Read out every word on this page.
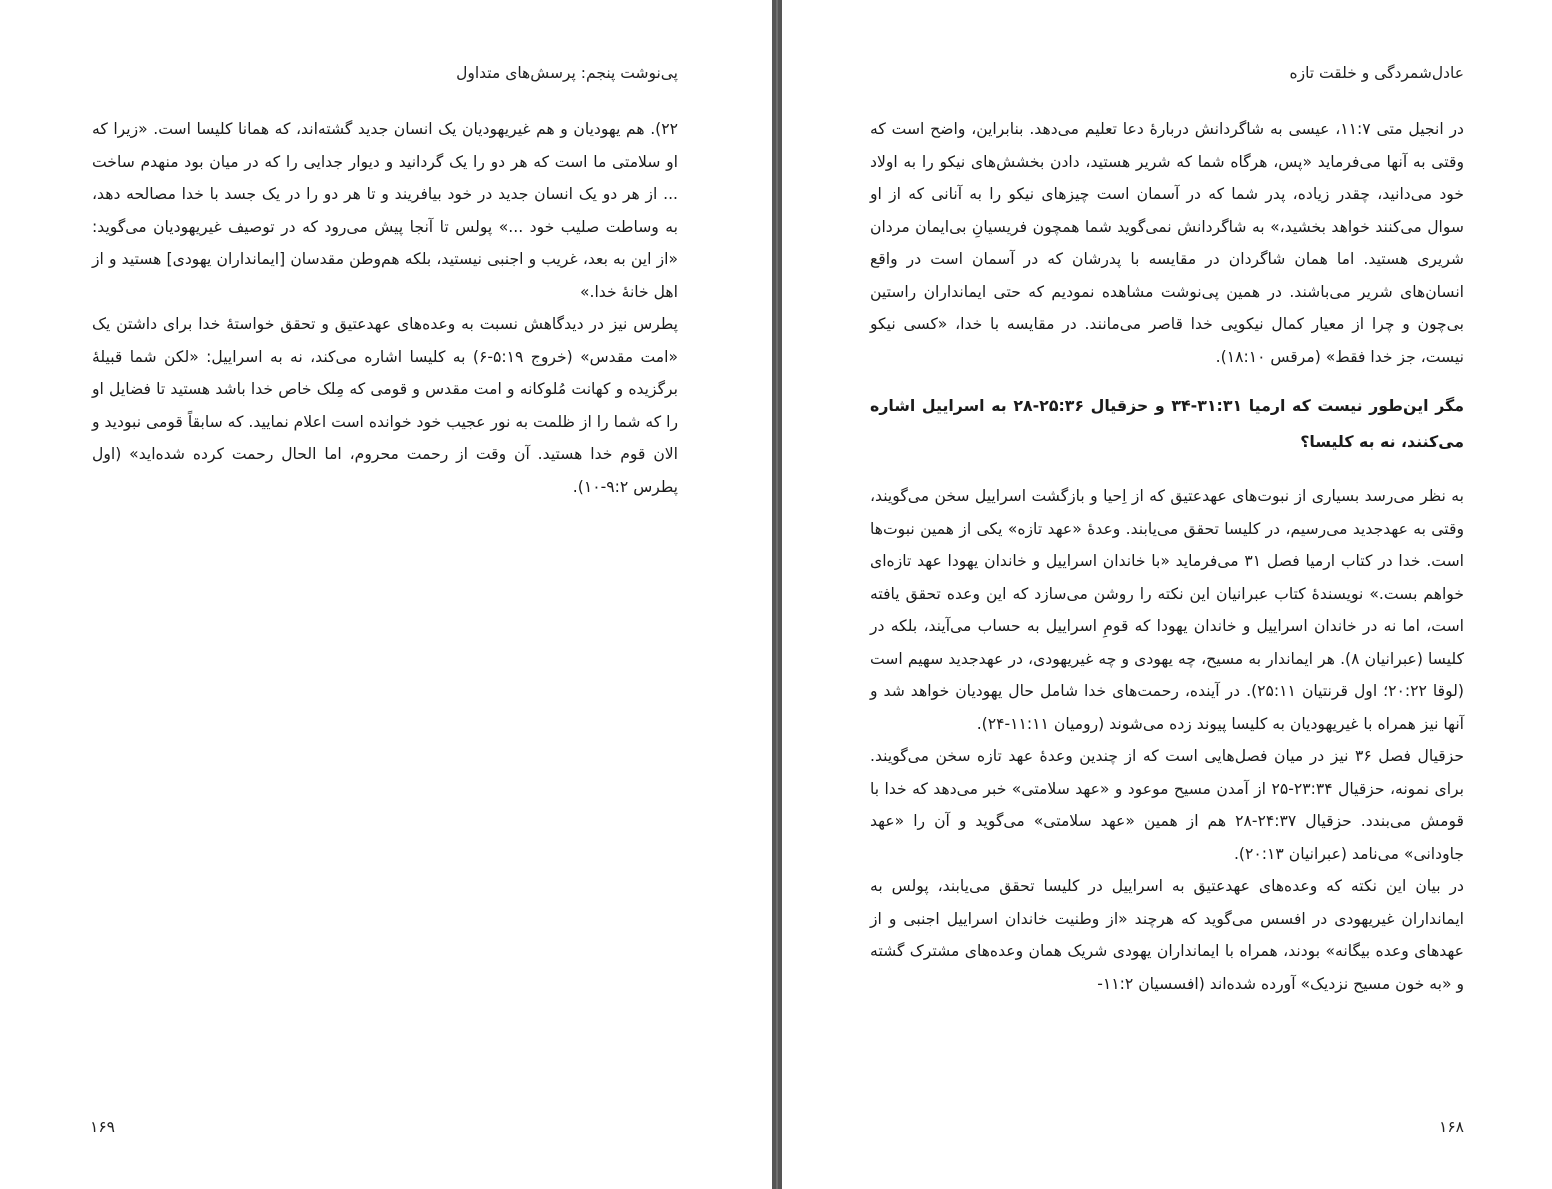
پی‌نوشت پنجم: پرسش‌های متداول

۲۲). هم یهودیان و هم غیریهودیان یک انسان جدید گشته‌اند، که همانا کلیسا است. «زیرا که او سلامتی ما است که هر دو را یک گردانید و دیوار جدایی را که در میان بود منهدم ساخت ... از هر دو یک انسان جدید در خود بیافریند و تا هر دو را در یک جسد با خدا مصالحه دهد، به وساطت صلیب خود ...» پولس تا آنجا پیش می‌رود که در توصیف غیریهودیان می‌گوید: «از این به بعد، غریب و اجنبی نیستید، بلکه هم‌وطن مقدسان [ایمانداران یهودی] هستید و از اهل خانهٔ خدا.»

پطرس نیز در دیدگاهش نسبت به وعده‌های عهدعتیق و تحقق خواستهٔ خدا برای داشتن یک «امت مقدس» (خروج ۵:۱۹-۶) به کلیسا اشاره می‌کند، نه به اسراییل: «لکن شما قبیلهٔ برگزیده و کهانت مُلوکانه و امت مقدس و قومی که مِلک خاص خدا باشد هستید تا فضایل او را که شما را از ظلمت به نور عجیب خود خوانده است اعلام نمایید. که سابقاً قومی نبودید و الان قوم خدا هستید. آن وقت از رحمت محروم، اما الحال رحمت کرده شده‌اید» (اول پطرس ۹:۲-۱۰).

۱۶۹
عادل‌شمردگی و خلقت تازه

در انجیل متی ۱۱:۷، عیسی به شاگردانش دربارهٔ دعا تعلیم می‌دهد. بنابراین، واضح است که وقتی به آنها می‌فرماید «پس، هرگاه شما که شریر هستید، دادن بخشش‌های نیکو را به اولاد خود می‌دانید، چقدر زیاده، پدر شما که در آسمان است چیزهای نیکو را به آنانی که از او سوال می‌کنند خواهد بخشید،» به شاگردانش نمی‌گوید شما همچون فریسیانِ بی‌ایمان مردان شریری هستید. اما همان شاگردان در مقایسه با پدرشان که در آسمان است در واقع انسان‌های شریر می‌باشند. در همین پی‌نوشت مشاهده نمودیم که حتی ایمانداران راستین بی‌چون و چرا از معیار کمال نیکویی خدا قاصر می‌مانند. در مقایسه با خدا، «کسی نیکو نیست، جز خدا فقط» (مرقس ۱۸:۱۰).

مگر این‌طور نیست که ارمیا ۳۱:۳۱-۳۴ و حزقیال ۲۵:۳۶-۲۸ به اسراییل اشاره می‌کنند، نه به کلیسا؟

به نظر می‌رسد بسیاری از نبوت‌های عهدعتیق که از اِحیا و بازگشت اسراییل سخن می‌گویند، وقتی به عهدجدید می‌رسیم، در کلیسا تحقق می‌یابند. وعدهٔ «عهد تازه» یکی از همین نبوت‌ها است. خدا در کتاب ارمیا فصل ۳۱ می‌فرماید «با خاندان اسراییل و خاندان یهودا عهد تازه‌ای خواهم بست.» نویسندهٔ کتاب عبرانیان این نکته را روشن می‌سازد که این وعده تحقق یافته است، اما نه در خاندان اسراییل و خاندان یهودا که قومِ اسراییل به حساب می‌آیند، بلکه در کلیسا (عبرانیان ۸). هر ایماندار به مسیح، چه یهودی و چه غیریهودی، در عهدجدید سهیم است (لوقا ۲۰:۲۲؛ اول قرنتیان ۲۵:۱۱). در آینده، رحمت‌های خدا شامل حال یهودیان خواهد شد و آنها نیز همراه با غیریهودیان به کلیسا پیوند زده می‌شوند (رومیان ۱۱:۱۱-۲۴).

حزقیال فصل ۳۶ نیز در میان فصل‌هایی است که از چندین وعدهٔ عهد تازه سخن می‌گویند. برای نمونه، حزقیال ۲۳:۳۴-۲۵ از آمدن مسیح موعود و «عهد سلامتی» خبر می‌دهد که خدا با قومش می‌بندد. حزقیال ۲۴:۳۷-۲۸ هم از همین «عهد سلامتی» می‌گوید و آن را «عهد جاودانی» می‌نامد (عبرانیان ۲۰:۱۳).

در بیان این نکته که وعده‌های عهدعتیق به اسراییل در کلیسا تحقق می‌یابند، پولس به ایمانداران غیریهودی در افسس می‌گوید که هرچند «از وطنیت خاندان اسراییل اجنبی و از عهدهای وعده بیگانه» بودند، همراه با ایمانداران یهودی شریک همان وعده‌های مشترک گشته و «به خون مسیح نزدیک» آورده شده‌اند (افسسیان ۱۱:۲-

۱۶۸
